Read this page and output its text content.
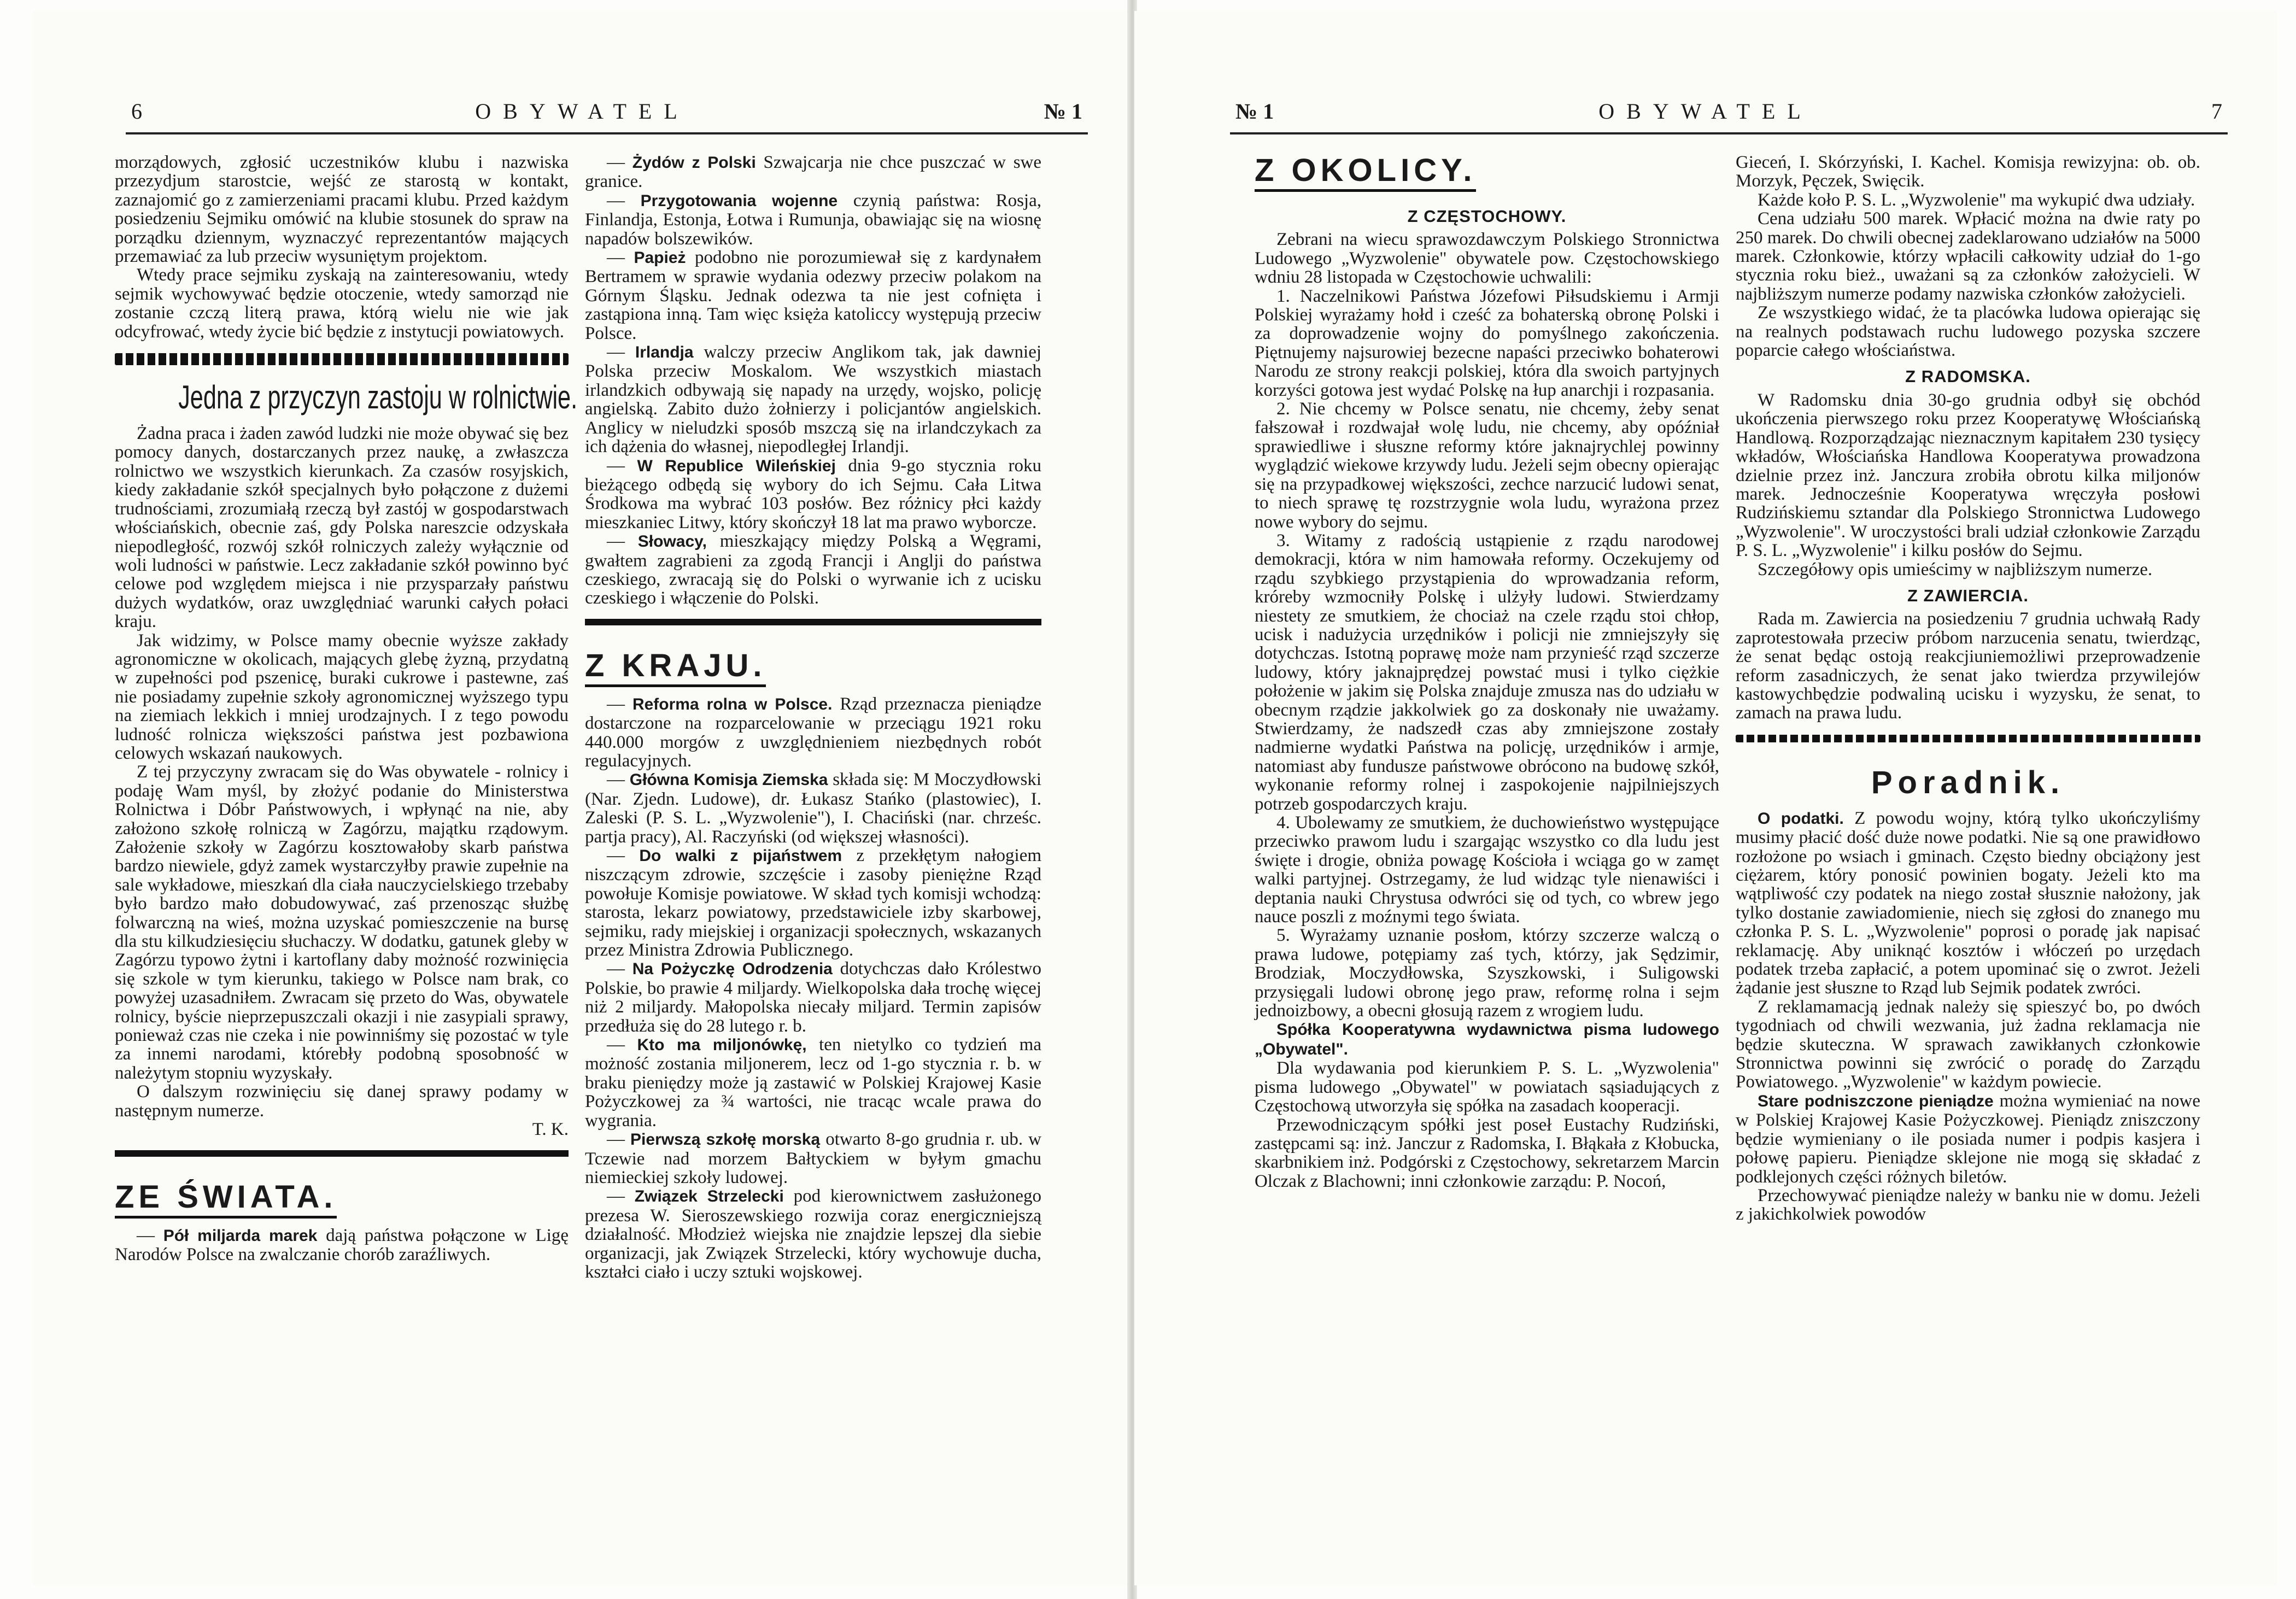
6	OBYWATEL	№ 1

morządowych, zgłosić uczestników klubu i nazwiska przezydjum starostcie, wejść ze starostą w kontakt, zaznajomić go z zamierzeniami pracami klubu. Przed każdym posiedzeniu Sejmiku omówić na klubie stosunek do spraw na porządku dziennym, wyznaczyć reprezentantów mających przemawiać za lub przeciw wysuniętym projektom.

Wtedy prace sejmiku zyskają na zainteresowaniu, wtedy sejmik wychowywać będzie otoczenie, wtedy samorząd nie zostanie czczą literą prawa, którą wielu nie wie jak odcyfrować, wtedy życie bić będzie z instytucji powiatowych.

Jedna z przyczyn zastoju w rolnictwie.

Żadna praca i żaden zawód ludzki nie może obywać się bez pomocy danych, dostarczanych przez naukę, a zwłaszcza rolnictwo we wszystkich kierunkach. Za czasów rosyjskich, kiedy zakładanie szkół specjalnych było połączone z dużemi trudnościami, zrozumiałą rzeczą był zastój w gospodarstwach włościańskich, obecnie zaś, gdy Polska nareszcie odzyskała niepodległość, rozwój szkół rolniczych zależy wyłącznie od woli ludności w państwie. Lecz zakładanie szkół powinno być celowe pod względem miejsca i nie przysparzały państwu dużych wydatków, oraz uwzględniać warunki całych połaci kraju.

Jak widzimy, w Polsce mamy obecnie wyższe zakłady agronomiczne w okolicach, mających glebę żyzną, przydatną w zupełności pod pszenicę, buraki cukrowe i pastewne, zaś nie posiadamy zupełnie szkoły agronomicznej wyższego typu na ziemiach lekkich i mniej urodzajnych. I z tego powodu ludność rolnicza większości państwa jest pozbawiona celowych wskazań naukowych.

Z tej przyczyny zwracam się do Was obywatele - rolnicy i podaję Wam myśl, by złożyć podanie do Ministerstwa Rolnictwa i Dóbr Państwowych, i wpłynąć na nie, aby założono szkołę rolniczą w Zagórzu, majątku rządowym. Założenie szkoły w Zagórzu kosztowałoby skarb państwa bardzo niewiele, gdyż zamek wystarczyłby prawie zupełnie na sale wykładowe, mieszkań dla ciała nauczycielskiego trzebaby było bardzo mało dobudowywać, zaś przenosząc służbę folwarczną na wieś, można uzyskać pomieszczenie na bursę dla stu kilkudziesięciu słuchaczy. W dodatku, gatunek gleby w Zagórzu typowo żytni i kartoflany daby możność rozwinięcia się szkole w tym kierunku, takiego w Polsce nam brak, co powyżej uzasadniłem. Zwracam się przeto do Was, obywatele rolnicy, byście nieprzepuszczali okazji i nie zasypiali sprawy, ponieważ czas nie czeka i nie powinniśmy się pozostać w tyle za innemi narodami, którebły podobną sposobność w należytym stopniu wyzyskały.

O dalszym rozwinięciu się danej sprawy podamy w następnym numerze.

T. K.
ZE ŚWIATA.

— Pół miljarda marek dają państwa połączone w Ligę Narodów Polsce na zwalczanie chorób zaraźliwych.

— Żydów z Polski Szwajcarja nie chce puszczać w swe granice.

— Przygotowania wojenne czynią państwa: Rosja, Finlandja, Estonja, Łotwa i Rumunja, obawiając się na wiosnę napadów bolszewików.

— Papież podobno nie porozumiewał się z kardynałem Bertramem w sprawie wydania odezwy przeciw polakom na Górnym Śląsku. Jednak odezwa ta nie jest cofnięta i zastąpiona inną. Tam więc księża katoliccy występują przeciw Polsce.

— Irlandja walczy przeciw Anglikom tak, jak dawniej Polska przeciw Moskalom. We wszystkich miastach irlandzkich odbywają się napady na urzędy, wojsko, policję angielską. Zabito dużo żołnierzy i policjantów angielskich. Anglicy w nieludzki sposób mszczą się na irlandczykach za ich dążenia do własnej, niepodległej Irlandji.

— W Republice Wileńskiej dnia 9-go stycznia roku bieżącego odbędą się wybory do ich Sejmu. Cała Litwa Środkowa ma wybrać 103 posłów. Bez różnicy płci każdy mieszkaniec Litwy, który skończył 18 lat ma prawo wyborcze.

— Słowacy, mieszkający między Polską a Węgrami, gwałtem zagrabieni za zgodą Francji i Anglji do państwa czeskiego, zwracają się do Polski o wyrwanie ich z ucisku czeskiego i włączenie do Polski.

Z KRAJU.

— Reforma rolna w Polsce. Rząd przeznacza pieniądze dostarczone na rozparcelowanie w przeciągu 1921 roku 440.000 morgów z uwzględnieniem niezbędnych robót regulacyjnych.

— Główna Komisja Ziemska składa się: M Moczydłowski (Nar. Zjedn. Ludowe), dr. Łukasz Stańko (plastowiec), I. Zaleski (P. S. L. „Wyzwolenie"), I. Chaciński (nar. chrześc. partja pracy), Al. Raczyński (od większej własności).

— Do walki z pijaństwem z przekłętym nałogiem niszczącym zdrowie, szczęście i zasoby pieniężne Rząd powołuje Komisje powiatowe. W skład tych komisji wchodzą: starosta, lekarz powiatowy, przedstawiciele izby skarbowej, sejmiku, rady miejskiej i organizacji społecznych, wskazanych przez Ministra Zdrowia Publicznego.

— Na Pożyczkę Odrodzenia dotychczas dało Królestwo Polskie, bo prawie 4 miljardy. Wielkopolska dała trochę więcej niż 2 miljardy. Małopolska niecały miljard. Termin zapisów przedłuża się do 28 lutego r. b.

— Kto ma miljonówkę, ten nietylko co tydzień ma możność zostania miljonerem, lecz od 1-go stycznia r. b. w braku pieniędzy może ją zastawić w Polskiej Krajowej Kasie Pożyczkowej za ¾ wartości, nie tracąc wcale prawa do wygrania.

— Pierwszą szkołę morską otwarto 8-go grudnia r. ub. w Tczewie nad morzem Bałtyckiem w byłym gmachu niemieckiej szkoły ludowej.

— Związek Strzelecki pod kierownictwem zasłużonego prezesa W. Sieroszewskiego rozwija coraz energiczniejszą działalność. Młodzież wiejska nie znajdzie lepszej dla siebie organizacji, jak Związek Strzelecki, który wychowuje ducha, kształci ciało i uczy sztuki wojskowej.

№ 1	OBYWATEL	7
Z OKOLICY.
Z CZĘSTOCHOWY.

Zebrani na wiecu sprawozdawczym Polskiego Stronnictwa Ludowego „Wyzwolenie" obywatele pow. Częstochowskiego wdniu 28 listopada w Częstochowie uchwalili:

1. Naczelnikowi Państwa Józefowi Piłsudskiemu i Armji Polskiej wyrażamy hołd i cześć za bohaterską obronę Polski i za doprowadzenie wojny do pomyślnego zakończenia. Piętnujemy najsurowiej bezecne napaści przeciwko bohaterowi Narodu ze strony reakcji polskiej, która dla swoich partyjnych korzyści gotowa jest wydać Polskę na łup anarchji i rozpasania.

2. Nie chcemy w Polsce senatu, nie chcemy, żeby senat fałszował i rozdwajał wolę ludu, nie chcemy, aby opóźniał sprawiedliwe i słuszne reformy które jaknajrychlej powinny wyglądzić wiekowe krzywdy ludu. Jeżeli sejm obecny opierając się na przypadkowej większości, zechce narzucić ludowi senat, to niech sprawę tę rozstrzygnie wola ludu, wyrażona przez nowe wybory do sejmu.

3. Witamy z radością ustąpienie z rządu narodowej demokracji, która w nim hamowała reformy. Oczekujemy od rządu szybkiego przystąpienia do wprowadzania reform, króreby wzmocniły Polskę i ulżyły ludowi. Stwierdzamy niestety ze smutkiem, że chociaż na czele rządu stoi chłop, ucisk i nadużycia urzędników i policji nie zmniejszyły się dotychczas. Istotną poprawę może nam przynieść rząd szczerze ludowy, który jaknajprędzej powstać musi i tylko ciężkie położenie w jakim się Polska znajduje zmusza nas do udziału w obecnym rządzie jakkolwiek go za doskonały nie uważamy. Stwierdzamy, że nadszedł czas aby zmniejszone zostały nadmierne wydatki Państwa na policję, urzędników i armje, natomiast aby fundusze państwowe obrócono na budowę szkół, wykonanie reformy rolnej i zaspokojenie najpilniejszych potrzeb gospodarczych kraju.

4. Ubolewamy ze smutkiem, że duchowieństwo występujące przeciwko prawom ludu i szargając wszystko co dla ludu jest święte i drogie, obniża powagę Kościoła i wciąga go w zamęt walki partyjnej. Ostrzegamy, że lud widząc tyle nienawiści i deptania nauki Chrystusa odwróci się od tych, co wbrew jego nauce poszli z moźnymi tego świata.

5. Wyrażamy uznanie posłom, którzy szczerze walczą o prawa ludowe, potępiamy zaś tych, którzy, jak Sędzimir, Brodziak, Moczydłowska, Szyszkowski, i Suligowski przysięgali ludowi obronę jego praw, reformę rolna i sejm jednoizbowy, a obecni głosują razem z wrogiem ludu.

Spółka Kooperatywna wydawnictwa pisma ludowego „Obywatel".

Dla wydawania pod kierunkiem P. S. L. „Wyzwolenia" pisma ludowego „Obywatel" w powiatach sąsiadujących z Częstochową utworzyła się spółka na zasadach kooperacji.

Przewodniczącym spółki jest poseł Eustachy Rudziński, zastępcami są: inż. Janczur z Radomska, I. Błąkała z Kłobucka, skarbnikiem inż. Podgórski z Częstochowy, sekretarzem Marcin Olczak z Blachowni; inni członkowie zarządu: P. Nocoń,

Gieceń, I. Skórzyński, I. Kachel. Komisja rewizyjna: ob. ob. Morzyk, Pęczek, Swięcik.

Każde koło P. S. L. „Wyzwolenie" ma wykupić dwa udziały.

Cena udziału 500 marek. Wpłacić można na dwie raty po 250 marek. Do chwili obecnej zadeklarowano udziałów na 5000 marek. Członkowie, którzy wpłacili całkowity udział do 1-go stycznia roku bież., uważani są za członków założycieli. W najbliższym numerze podamy nazwiska członków założycieli.

Ze wszystkiego widać, że ta placówka ludowa opierając się na realnych podstawach ruchu ludowego pozyska szczere poparcie całego włościaństwa.

Z RADOMSKA.

W Radomsku dnia 30-go grudnia odbył się obchód ukończenia pierwszego roku przez Kooperatywę Włościańską Handlową. Rozporządzając nieznacznym kapitałem 230 tysięcy wkładów, Włościańska Handlowa Kooperatywa prowadzona dzielnie przez inż. Janczura zrobiła obrotu kilka miljonów marek. Jednocześnie Kooperatywa wręczyła posłowi Rudzińskiemu sztandar dla Polskiego Stronnictwa Ludowego „Wyzwolenie". W uroczystości brali udział członkowie Zarządu P. S. L. „Wyzwolenie" i kilku posłów do Sejmu.

Szczegółowy opis umieścimy w najbliższym numerze.

Z ZAWIERCIA.

Rada m. Zawiercia na posiedzeniu 7 grudnia uchwałą Rady zaprotestowała przeciw próbom narzucenia senatu, twierdząc, że senat będąc ostoją reakcjiuniemożliwi przeprowadzenie reform zasadniczych, że senat jako twierdza przywilejów kastowychbędzie podwaliną ucisku i wyzysku, że senat, to zamach na prawa ludu.

Poradnik.

O podatki. Z powodu wojny, którą tylko ukończyliśmy musimy płacić dość duże nowe podatki. Nie są one prawidłowo rozłożone po wsiach i gminach. Często biedny obciążony jest ciężarem, który ponosić powinien bogaty. Jeżeli kto ma wątpliwość czy podatek na niego został słusznie nałożony, jak tylko dostanie zawiadomienie, niech się zgłosi do znanego mu członka P. S. L. „Wyzwolenie" poprosi o poradę jak napisać reklamację. Aby uniknąć kosztów i włóczeń po urzędach podatek trzeba zapłacić, a potem upominać się o zwrot. Jeżeli żądanie jest słuszne to Rząd lub Sejmik podatek zwróci.

Z reklamamacją jednak należy się spieszyć bo, po dwóch tygodniach od chwili wezwania, już żadna reklamacja nie będzie skuteczna. W sprawach zawikłanych członkowie Stronnictwa powinni się zwrócić o poradę do Zarządu Powiatowego. „Wyzwolenie" w każdym powiecie.

Stare podniszczone pieniądze można wymieniać na nowe w Polskiej Krajowej Kasie Pożyczkowej. Pieniądz zniszczony będzie wymieniany o ile posiada numer i podpis kasjera i połowę papieru. Pieniądze sklejone nie mogą się składać z podklejonych części różnych biletów.

Przechowywać pieniądze należy w banku nie w domu. Jeżeli z jakichkolwiek powodów
